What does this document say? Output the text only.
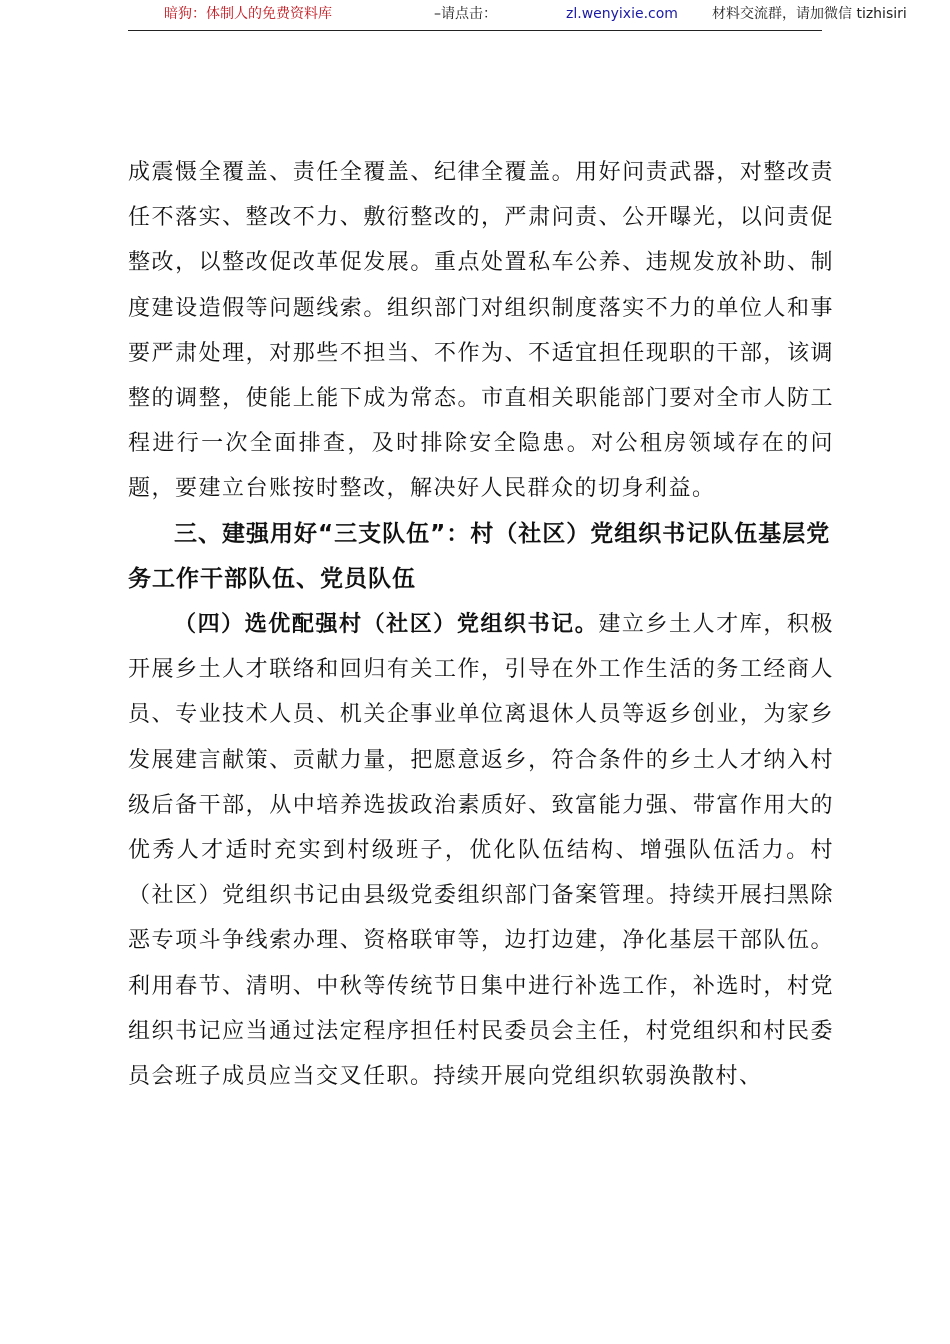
暗狗：体制人的免费资料库	–请点击：	zl.wenyixie.com 材料交流群，请加微信 tizhisiri

成震慑全覆盖、责任全覆盖、纪律全覆盖。用好问责武器，对整改责任不落实、整改不力、敷衍整改的，严肃问责、公开曝光，以问责促整改，以整改促改革促发展。重点处置私车公养、违规发放补助、制度建设造假等问题线索。组织部门对组织制度落实不力的单位人和事要严肃处理，对那些不担当、不作为、不适宜担任现职的干部，该调整的调整，使能上能下成为常态。市直相关职能部门要对全市人防工程进行一次全面排查，及时排除安全隐患。对公租房领域存在的问题，要建立台账按时整改，解决好人民群众的切身利益。

三、建强用好“三支队伍”：村（社区）党组织书记队伍基层党务工作干部队伍、党员队伍

（四）选优配强村（社区）党组织书记。建立乡土人才库，积极开展乡土人才联络和回归有关工作，引导在外工作生活的务工经商人员、专业技术人员、机关企事业单位离退休人员等返乡创业，为家乡发展建言献策、贡献力量，把愿意返乡，符合条件的乡土人才纳入村级后备干部，从中培养选拔政治素质好、致富能力强、带富作用大的优秀人才适时充实到村级班子，优化队伍结构、增强队伍活力。村（社区）党组织书记由县级党委组织部门备案管理。持续开展扫黑除恶专项斗争线索办理、资格联审等，边打边建，净化基层干部队伍。利用春节、清明、中秋等传统节日集中进行补选工作，补选时，村党组织书记应当通过法定程序担任村民委员会主任，村党组织和村民委员会班子成员应当交叉任职。持续开展向党组织软弱涣散村、
